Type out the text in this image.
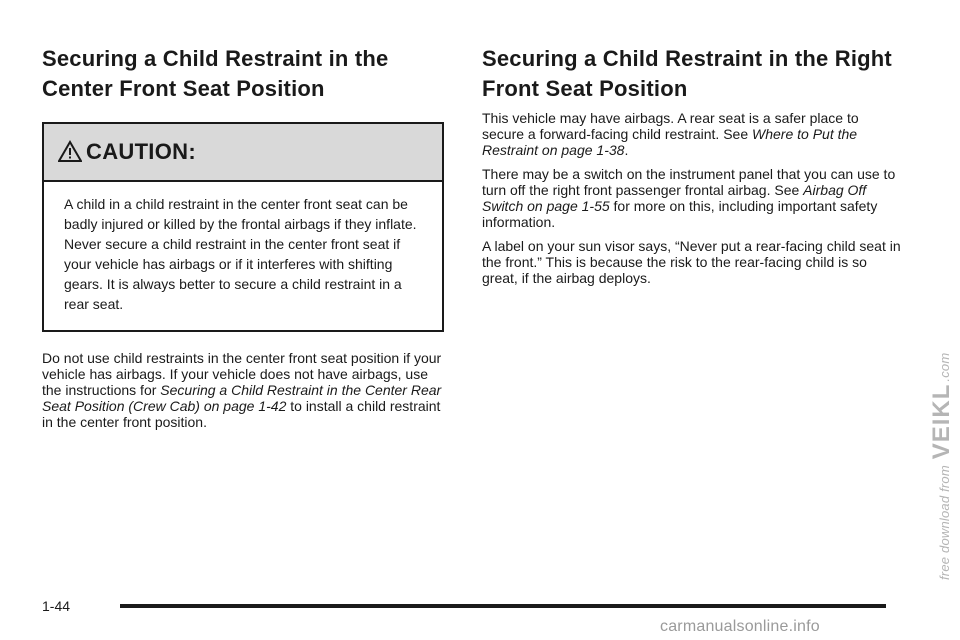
Securing a Child Restraint in the Center Front Seat Position
CAUTION:
A child in a child restraint in the center front seat can be badly injured or killed by the frontal airbags if they inflate. Never secure a child restraint in the center front seat if your vehicle has airbags or if it interferes with shifting gears. It is always better to secure a child restraint in a rear seat.

Do not use child restraints in the center front seat position if your vehicle has airbags. If your vehicle does not have airbags, use the instructions for Securing a Child Restraint in the Center Rear Seat Position (Crew Cab) on page 1-42 to install a child restraint in the center front position.

Securing a Child Restraint in the Right Front Seat Position

This vehicle may have airbags. A rear seat is a safer place to secure a forward-facing child restraint. See Where to Put the Restraint on page 1-38.

There may be a switch on the instrument panel that you can use to turn off the right front passenger frontal airbag. See Airbag Off Switch on page 1-55 for more on this, including important safety information.

A label on your sun visor says, “Never put a rear-facing child seat in the front.” This is because the risk to the rear-facing child is so great, if the airbag deploys.

free download from VEIKL.com
1-44
carmanualsonline.info
